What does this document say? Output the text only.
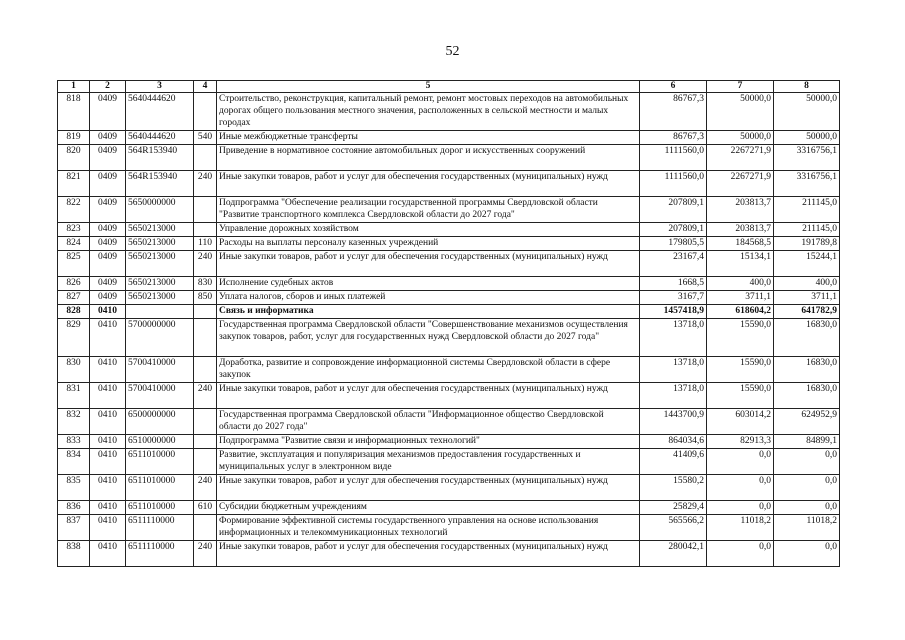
52
1	2	3	4	5	6	7	8
818	0409	5640444620		Строительство, реконструкция, капитальный ремонт, ремонт мостовых переходов на автомобильных дорогах общего пользования местного значения, расположенных в сельской местности и малых городах	86767,3	50000,0	50000,0
819	0409	5640444620	540	Иные межбюджетные трансферты	86767,3	50000,0	50000,0
820	0409	564R153940		Приведение в нормативное состояние автомобильных дорог и искусственных сооружений	1111560,0	2267271,9	3316756,1
821	0409	564R153940	240	Иные закупки товаров, работ и услуг для обеспечения государственных (муниципальных) нужд	1111560,0	2267271,9	3316756,1
822	0409	5650000000		Подпрограмма "Обеспечение реализации государственной программы Свердловской области "Развитие транспортного комплекса Свердловской области до 2027 года"	207809,1	203813,7	211145,0
823	0409	5650213000		Управление дорожных хозяйством	207809,1	203813,7	211145,0
824	0409	5650213000	110	Расходы на выплаты персоналу казенных учреждений	179805,5	184568,5	191789,8
825	0409	5650213000	240	Иные закупки товаров, работ и услуг для обеспечения государственных (муниципальных) нужд	23167,4	15134,1	15244,1
826	0409	5650213000	830	Исполнение судебных актов	1668,5	400,0	400,0
827	0409	5650213000	850	Уплата налогов, сборов и иных платежей	3167,7	3711,1	3711,1
828	0410			Связь и информатика	1457418,9	618604,2	641782,9
829	0410	5700000000		Государственная программа Свердловской области "Совершенствование механизмов осуществления закупок товаров, работ, услуг для государственных нужд Свердловской области до 2027 года"	13718,0	15590,0	16830,0
830	0410	5700410000		Доработка, развитие и сопровождение информационной системы Свердловской области в сфере закупок	13718,0	15590,0	16830,0
831	0410	5700410000	240	Иные закупки товаров, работ и услуг для обеспечения государственных (муниципальных) нужд	13718,0	15590,0	16830,0
832	0410	6500000000		Государственная программа Свердловской области "Информационное общество Свердловской области до 2027 года"	1443700,9	603014,2	624952,9
833	0410	6510000000		Подпрограмма "Развитие связи и информационных технологий"	864034,6	82913,3	84899,1
834	0410	6511010000		Развитие, эксплуатация и популяризация механизмов предоставления государственных и муниципальных услуг в электронном виде	41409,6	0,0	0,0
835	0410	6511010000	240	Иные закупки товаров, работ и услуг для обеспечения государственных (муниципальных) нужд	15580,2	0,0	0,0
836	0410	6511010000	610	Субсидии бюджетным учреждениям	25829,4	0,0	0,0
837	0410	6511110000		Формирование эффективной системы государственного управления на основе использования информационных и телекоммуникационных технологий	565566,2	11018,2	11018,2
838	0410	6511110000	240	Иные закупки товаров, работ и услуг для обеспечения государственных (муниципальных) нужд	280042,1	0,0	0,0
